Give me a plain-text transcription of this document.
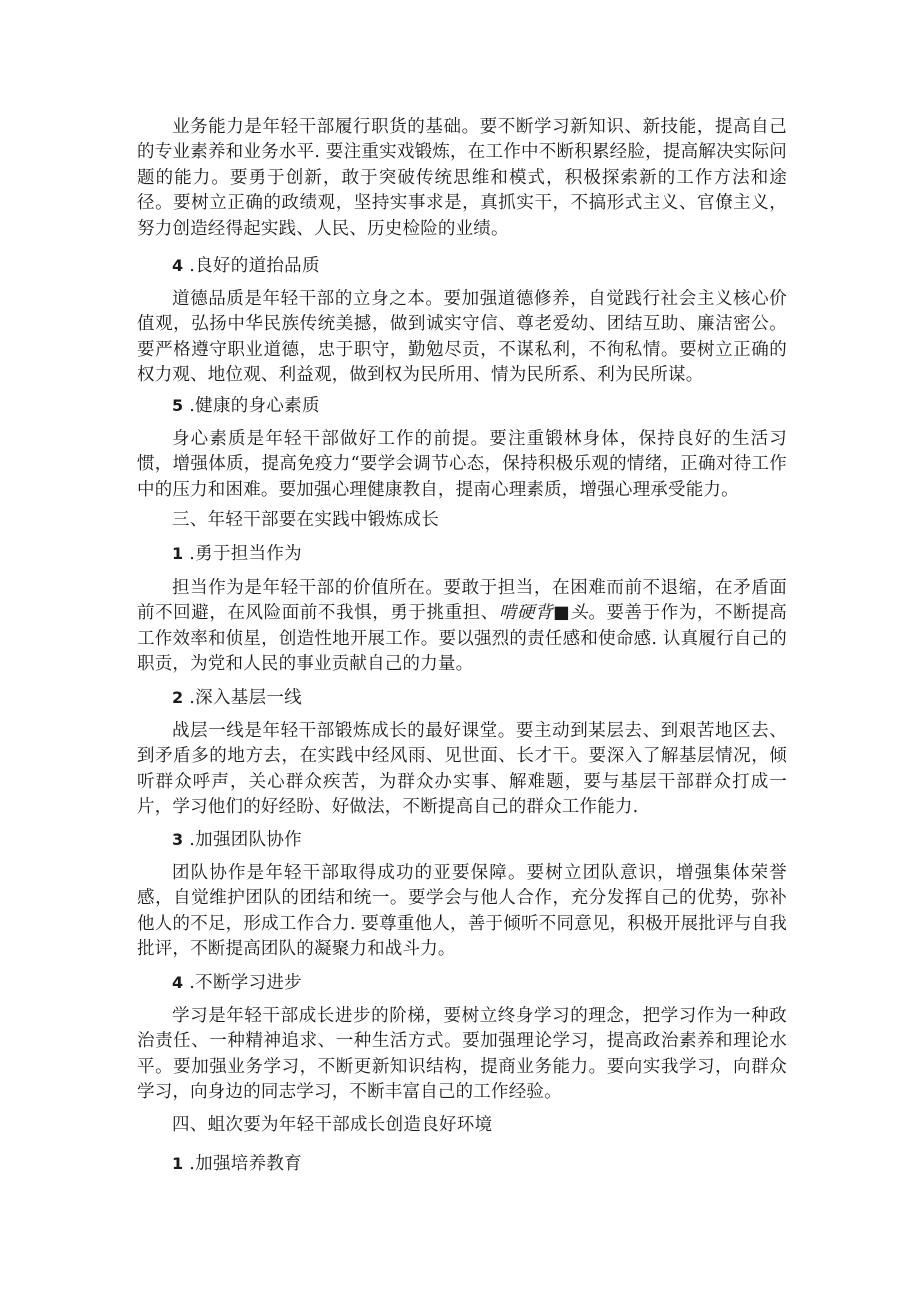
业务能力是年轻干部履行职货的基础。要不断学习新知识、新技能，提高自己的专业素养和业务水平. 要注重实戏锻炼，在工作中不断积累经脸，提高解决实际问题的能力。要勇于创新，敢于突破传统思维和模式，积极探索新的工作方法和途径。要树立正确的政绩观，坚持实事求是，真抓实干，不搞形式主义、官僚主义，努力创造经得起实践、人民、历史检险的业绩。

4 .良好的道抬品质

道德品质是年轻干部的立身之本。要加强道德修养，自觉践行社会主义核心价值观，弘扬中华民族传统美撼，做到诚实守信、尊老爱幼、团结互助、廉洁密公。要严格遵守职业道德，忠于职守，勤勉尽贡，不谋私利，不徇私情。要树立正确的权力观、地位观、利益观，做到权为民所用、情为民所系、利为民所谋。

5 .健康的身心素质

身心素质是年轻干部做好工作的前提。要注重锻林身体，保持良好的生活习惯，增强体质，提高免疫力“要学会调节心态，保持积极乐观的情绪，正确对待工作中的压力和困难。要加强心理健康教自，提南心理素质，增强心理承受能力。

三、年轻干部要在实践中锻炼成长

1 .勇于担当作为

担当作为是年轻干部的价值所在。要敢于担当，在困难而前不退缩，在矛盾面前不回避，在风险面前不我惧，勇于挑重担、啃硬背■头。要善于作为，不断提高工作效率和侦星，创造性地开展工作。要以强烈的责任感和使命感. 认真履行自己的职贡，为党和人民的事业贡献自己的力量。

2 .深入基层一线

战层一线是年轻干部锻炼成长的最好课堂。要主动到某层去、到艰苦地区去、到矛盾多的地方去，在实践中经风雨、见世面、长才干。要深入了解基层情况，倾听群众呼声，关心群众疾苦，为群众办实事、解难题，要与基层干部群众打成一片，学习他们的好经盼、好做法，不断提高自己的群众工作能力.

3 .加强团队协作

团队协作是年轻干部取得成功的亚要保障。要树立团队意识，增强集体荣誉感，自觉维护团队的团结和统一。要学会与他人合作，充分发挥自己的优势，弥补他人的不足，形成工作合力. 要尊重他人，善于倾听不同意见，积极开展批评与自我批评，不断提高团队的凝聚力和战斗力。

4 .不断学习进步

学习是年轻干部成长进步的阶梯，要树立终身学习的理念，把学习作为一种政治责任、一种精神追求、一种生活方式。要加强理论学习，提高政治素养和理论水平。要加强业务学习，不断更新知识结构，提商业务能力。要向实我学习，向群众学习，向身边的同志学习，不断丰富自己的工作经验。

四、蛆次要为年轻干部成长创造良好环境

1 .加强培养教育
